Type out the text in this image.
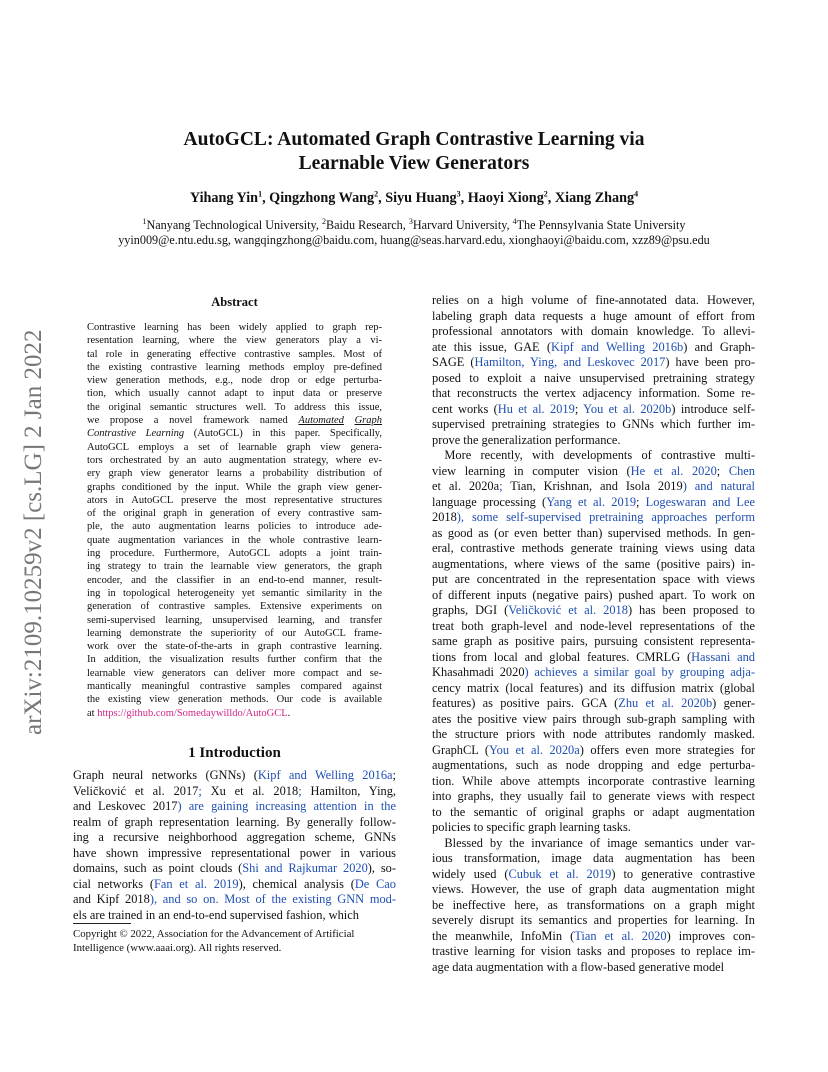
arXiv:2109.10259v2 [cs.LG] 2 Jan 2022
AutoGCL: Automated Graph Contrastive Learning via
Learnable View Generators
Yihang Yin$^1$, Qingzhong Wang$^2$, Siyu Huang$^3$, Haoyi Xiong$^2$, Xiang Zhang$^4$
$^1$Nanyang Technological University, $^2$Baidu Research, $^3$Harvard University, $^4$The Pennsylvania State University
yyin009@e.ntu.edu.sg, wangqingzhong@baidu.com, huang@seas.harvard.edu, xionghaoyi@baidu.com, xzz89@psu.edu
Abstract
Contrastive learning has been widely applied to graph rep-
resentation learning, where the view generators play a vi-
tal role in generating effective contrastive samples. Most of
the existing contrastive learning methods employ pre-defined
view generation methods, e.g., node drop or edge perturba-
tion, which usually cannot adapt to input data or preserve
the original semantic structures well. To address this issue,
we propose a novel framework named Automated Graph
Contrastive Learning (AutoGCL) in this paper. Specifically,
AutoGCL employs a set of learnable graph view genera-
tors orchestrated by an auto augmentation strategy, where ev-
ery graph view generator learns a probability distribution of
graphs conditioned by the input. While the graph view gener-
ators in AutoGCL preserve the most representative structures
of the original graph in generation of every contrastive sam-
ple, the auto augmentation learns policies to introduce ade-
quate augmentation variances in the whole contrastive learn-
ing procedure. Furthermore, AutoGCL adopts a joint train-
ing strategy to train the learnable view generators, the graph
encoder, and the classifier in an end-to-end manner, result-
ing in topological heterogeneity yet semantic similarity in the
generation of contrastive samples. Extensive experiments on
semi-supervised learning, unsupervised learning, and transfer
learning demonstrate the superiority of our AutoGCL frame-
work over the state-of-the-arts in graph contrastive learning.
In addition, the visualization results further confirm that the
learnable view generators can deliver more compact and se-
mantically meaningful contrastive samples compared against
the existing view generation methods. Our code is available
at https://github.com/Somedaywilldo/AutoGCL.
1 Introduction
Graph neural networks (GNNs) (Kipf and Welling 2016a;
Veličković et al. 2017; Xu et al. 2018; Hamilton, Ying,
and Leskovec 2017) are gaining increasing attention in the
realm of graph representation learning. By generally follow-
ing a recursive neighborhood aggregation scheme, GNNs
have shown impressive representational power in various
domains, such as point clouds (Shi and Rajkumar 2020), so-
cial networks (Fan et al. 2019), chemical analysis (De Cao
and Kipf 2018), and so on. Most of the existing GNN mod-
els are trained in an end-to-end supervised fashion, which
Copyright © 2022, Association for the Advancement of Artificial
Intelligence (www.aaai.org). All rights reserved.
relies on a high volume of fine-annotated data. However,
labeling graph data requests a huge amount of effort from
professional annotators with domain knowledge. To allevi-
ate this issue, GAE (Kipf and Welling 2016b) and Graph-
SAGE (Hamilton, Ying, and Leskovec 2017) have been pro-
posed to exploit a naive unsupervised pretraining strategy
that reconstructs the vertex adjacency information. Some re-
cent works (Hu et al. 2019; You et al. 2020b) introduce self-
supervised pretraining strategies to GNNs which further im-
prove the generalization performance.
 More recently, with developments of contrastive multi-
view learning in computer vision (He et al. 2020; Chen
et al. 2020a; Tian, Krishnan, and Isola 2019) and natural
language processing (Yang et al. 2019; Logeswaran and Lee
2018), some self-supervised pretraining approaches perform
as good as (or even better than) supervised methods. In gen-
eral, contrastive methods generate training views using data
augmentations, where views of the same (positive pairs) in-
put are concentrated in the representation space with views
of different inputs (negative pairs) pushed apart. To work on
graphs, DGI (Veličković et al. 2018) has been proposed to
treat both graph-level and node-level representations of the
same graph as positive pairs, pursuing consistent representa-
tions from local and global features. CMRLG (Hassani and
Khasahmadi 2020) achieves a similar goal by grouping adja-
cency matrix (local features) and its diffusion matrix (global
features) as positive pairs. GCA (Zhu et al. 2020b) gener-
ates the positive view pairs through sub-graph sampling with
the structure priors with node attributes randomly masked.
GraphCL (You et al. 2020a) offers even more strategies for
augmentations, such as node dropping and edge perturba-
tion. While above attempts incorporate contrastive learning
into graphs, they usually fail to generate views with respect
to the semantic of original graphs or adapt augmentation
policies to specific graph learning tasks.
 Blessed by the invariance of image semantics under var-
ious transformation, image data augmentation has been
widely used (Cubuk et al. 2019) to generative contrastive
views. However, the use of graph data augmentation might
be ineffective here, as transformations on a graph might
severely disrupt its semantics and properties for learning. In
the meanwhile, InfoMin (Tian et al. 2020) improves con-
trastive learning for vision tasks and proposes to replace im-
age data augmentation with a flow-based generative model
